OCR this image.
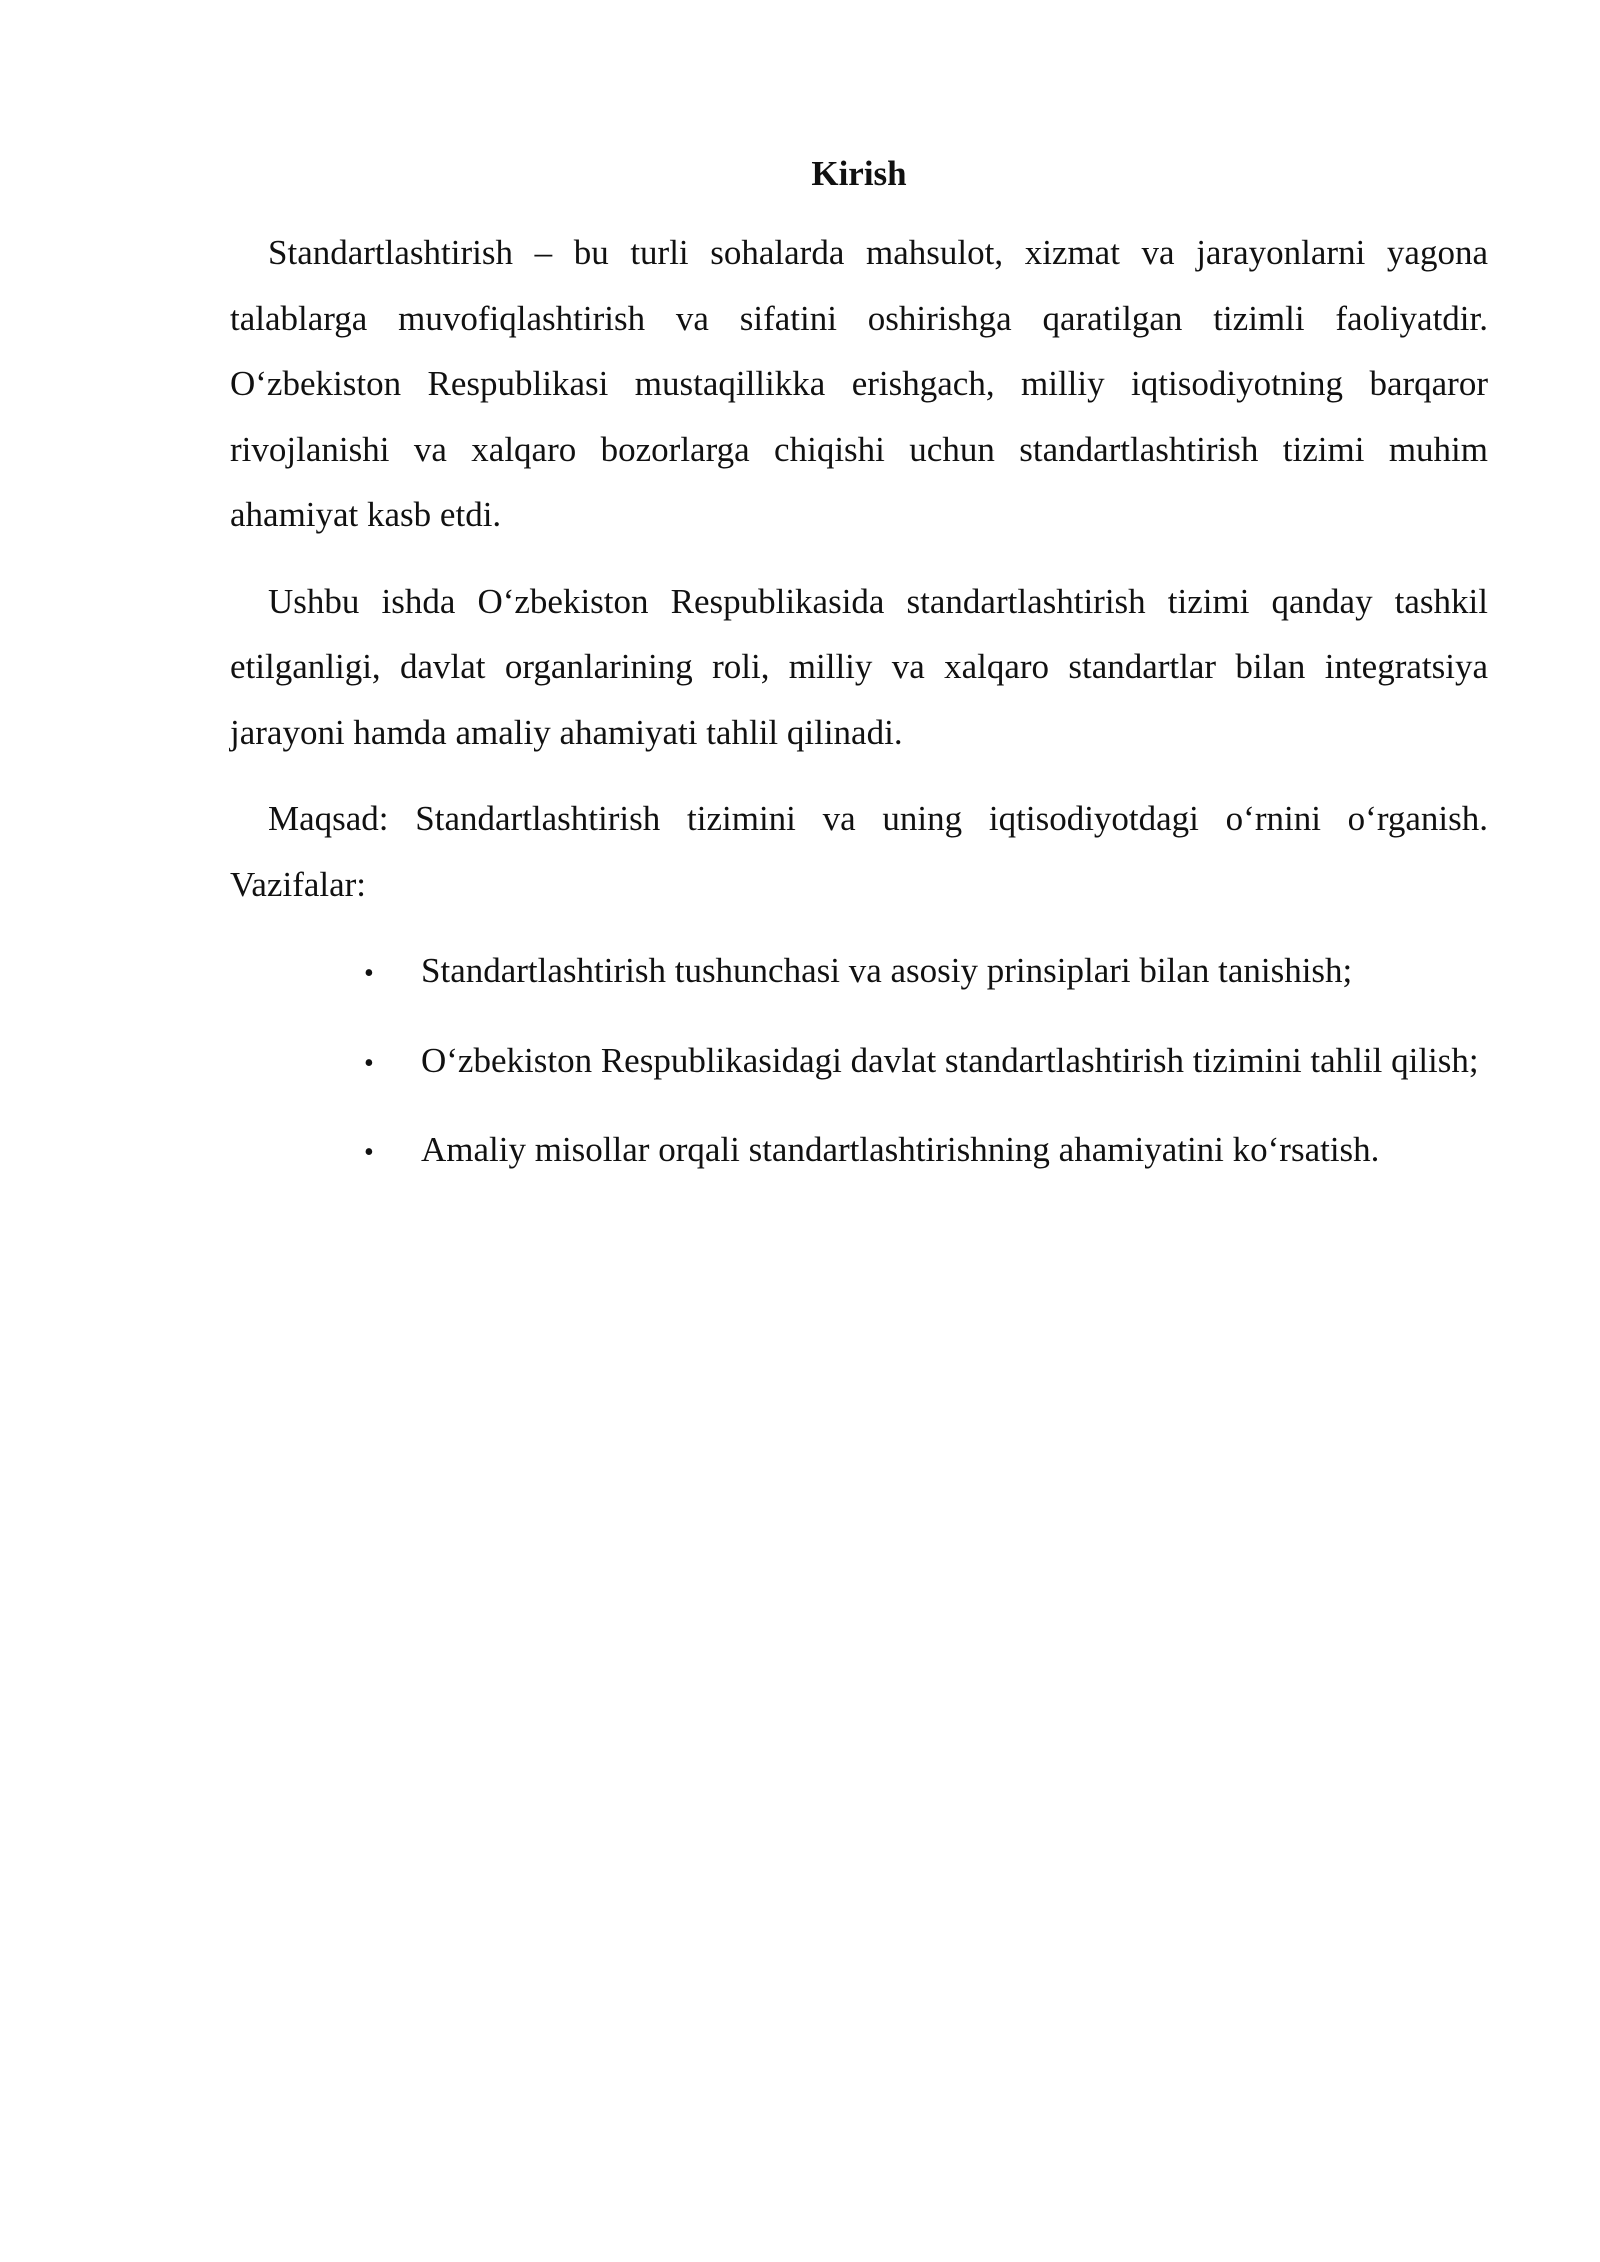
Kirish

Standartlashtirish – bu turli sohalarda mahsulot, xizmat va jarayonlarni yagona talablarga muvofiqlashtirish va sifatini oshirishga qaratilgan tizimli faoliyatdir. O‘zbekiston Respublikasi mustaqillikka erishgach, milliy iqtisodiyotning barqaror rivojlanishi va xalqaro bozorlarga chiqishi uchun standartlashtirish tizimi muhim ahamiyat kasb etdi.

Ushbu ishda O‘zbekiston Respublikasida standartlashtirish tizimi qanday tashkil etilganligi, davlat organlarining roli, milliy va xalqaro standartlar bilan integratsiya jarayoni hamda amaliy ahamiyati tahlil qilinadi.

Maqsad: Standartlashtirish tizimini va uning iqtisodiyotdagi o‘rnini o‘rganish. Vazifalar:

• Standartlashtirish tushunchasi va asosiy prinsiplari bilan tanishish;
• O‘zbekiston Respublikasidagi davlat standartlashtirish tizimini tahlil qilish;
• Amaliy misollar orqali standartlashtirishning ahamiyatini ko‘rsatish.
